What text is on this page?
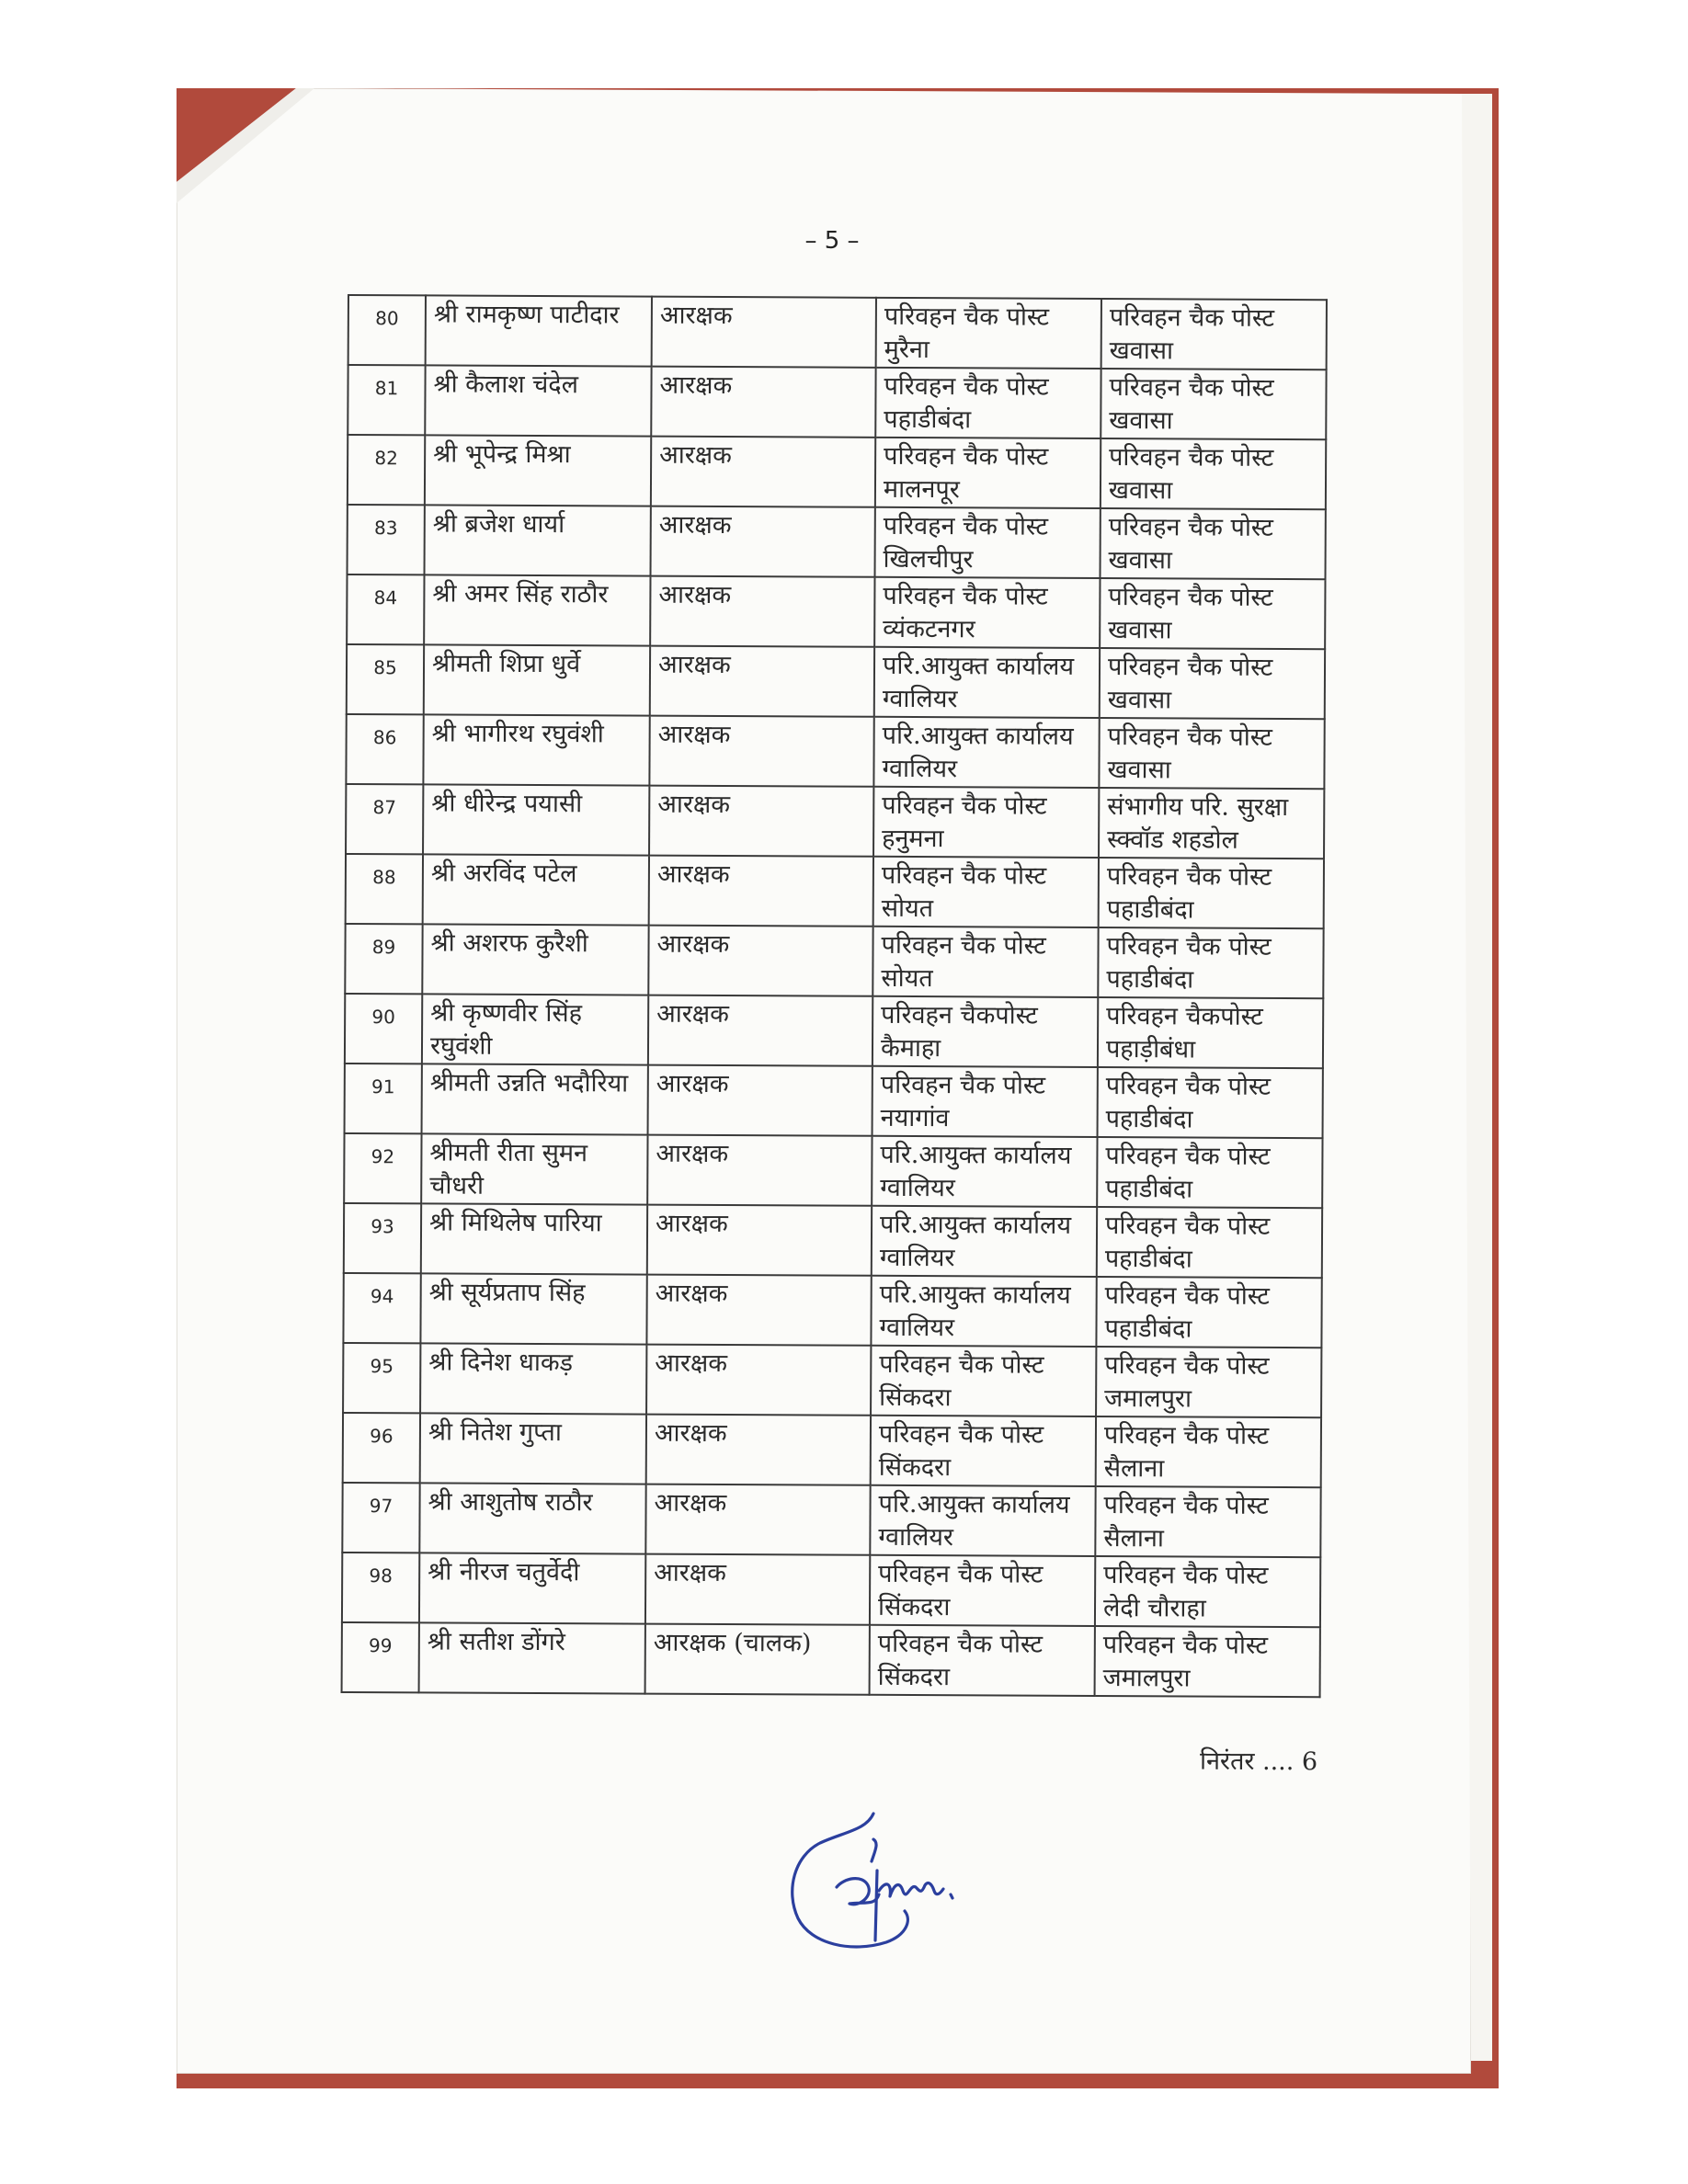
– 5 –
80	श्री रामकृष्ण पाटीदार	आरक्षक	परिवहन चैक पोस्ट मुरैना	परिवहन चैक पोस्ट खवासा
81	श्री कैलाश चंदेल	आरक्षक	परिवहन चैक पोस्ट पहाडीबंदा	परिवहन चैक पोस्ट खवासा
82	श्री भूपेन्द्र मिश्रा	आरक्षक	परिवहन चैक पोस्ट मालनपूर	परिवहन चैक पोस्ट खवासा
83	श्री ब्रजेश धार्या	आरक्षक	परिवहन चैक पोस्ट खिलचीपुर	परिवहन चैक पोस्ट खवासा
84	श्री अमर सिंह राठौर	आरक्षक	परिवहन चैक पोस्ट व्यंकटनगर	परिवहन चैक पोस्ट खवासा
85	श्रीमती शिप्रा धुर्वे	आरक्षक	परि.आयुक्त कार्यालय ग्वालियर	परिवहन चैक पोस्ट खवासा
86	श्री भागीरथ रघुवंशी	आरक्षक	परि.आयुक्त कार्यालय ग्वालियर	परिवहन चैक पोस्ट खवासा
87	श्री धीरेन्द्र पयासी	आरक्षक	परिवहन चैक पोस्ट हनुमना	संभागीय परि. सुरक्षा स्क्वॉड शहडोल
88	श्री अरविंद पटेल	आरक्षक	परिवहन चैक पोस्ट सोयत	परिवहन चैक पोस्ट पहाडीबंदा
89	श्री अशरफ कुरैशी	आरक्षक	परिवहन चैक पोस्ट सोयत	परिवहन चैक पोस्ट पहाडीबंदा
90	श्री कृष्णवीर सिंह रघुवंशी	आरक्षक	परिवहन चैकपोस्ट कैमाहा	परिवहन चैकपोस्ट पहाड़ीबंधा
91	श्रीमती उन्नति भदौरिया	आरक्षक	परिवहन चैक पोस्ट नयागांव	परिवहन चैक पोस्ट पहाडीबंदा
92	श्रीमती रीता सुमन चौधरी	आरक्षक	परि.आयुक्त कार्यालय ग्वालियर	परिवहन चैक पोस्ट पहाडीबंदा
93	श्री मिथिलेष पारिया	आरक्षक	परि.आयुक्त कार्यालय ग्वालियर	परिवहन चैक पोस्ट पहाडीबंदा
94	श्री सूर्यप्रताप सिंह	आरक्षक	परि.आयुक्त कार्यालय ग्वालियर	परिवहन चैक पोस्ट पहाडीबंदा
95	श्री दिनेश धाकड़	आरक्षक	परिवहन चैक पोस्ट सिंकदरा	परिवहन चैक पोस्ट जमालपुरा
96	श्री नितेश गुप्ता	आरक्षक	परिवहन चैक पोस्ट सिंकदरा	परिवहन चैक पोस्ट सैलाना
97	श्री आशुतोष राठौर	आरक्षक	परि.आयुक्त कार्यालय ग्वालियर	परिवहन चैक पोस्ट सैलाना
98	श्री नीरज चतुर्वेदी	आरक्षक	परिवहन चैक पोस्ट सिंकदरा	परिवहन चैक पोस्ट लेदी चौराहा
99	श्री सतीश डोंगरे	आरक्षक (चालक)	परिवहन चैक पोस्ट सिंकदरा	परिवहन चैक पोस्ट जमालपुरा
निरंतर .... 6
